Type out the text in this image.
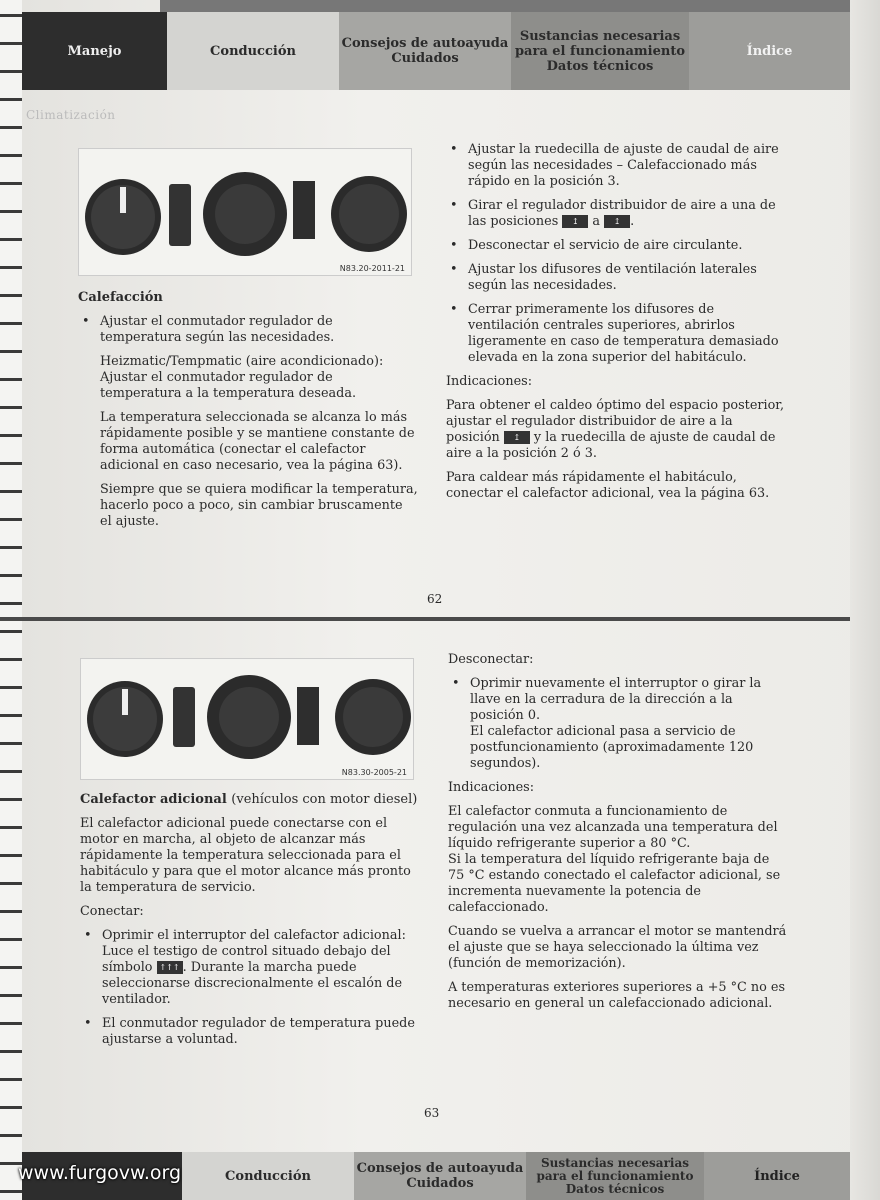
Manejo	Conducción	Consejos de autoayuda
Cuidados
Sustancias necesarias
para el funcionamiento
Datos técnicos
Índice
Climatización
N83.20-2011-21
Calefacción
• Ajustar el conmutador regulador de temperatura según las necesidades.
Heizmatic/Tempmatic (aire acondicionado): Ajustar el conmutador regulador de temperatura a la temperatura deseada.
La temperatura seleccionada se alcanza lo más rápidamente posible y se mantiene constante de forma automática (conectar el calefactor adicional en caso necesario, vea la página 63).
Siempre que se quiera modificar la temperatura, hacerlo poco a poco, sin cambiar bruscamente el ajuste.
• Ajustar la ruedecilla de ajuste de caudal de aire según las necesidades – Calefaccionado más rápido en la posición 3.
• Girar el regulador distribuidor de aire a una de las posiciones ↥ a ↥ .
• Desconectar el servicio de aire circulante.
• Ajustar los difusores de ventilación laterales según las necesidades.
• Cerrar primeramente los difusores de ventilación centrales superiores, abrirlos ligeramente en caso de temperatura demasiado elevada en la zona superior del habitáculo.

Indicaciones:

Para obtener el caldeo óptimo del espacio posterior, ajustar el regulador distribuidor de aire a la posición ↥ y la ruedecilla de ajuste de caudal de aire a la posición 2 ó 3.

Para caldear más rápidamente el habitáculo, conectar el calefactor adicional, vea la página 63.

62
N83.30-2005-21
Calefactor adicional (vehículos con motor diesel)

El calefactor adicional puede conectarse con el motor en marcha, al objeto de alcanzar más rápidamente la temperatura seleccionada para el habitáculo y para que el motor alcance más pronto la temperatura de servicio.

Conectar:

• Oprimir el interruptor del calefactor adicional: Luce el testigo de control situado debajo del símbolo ↑↑↑ . Durante la marcha puede seleccionarse discrecionalmente el escalón de ventilador.
• El conmutador regulador de temperatura puede ajustarse a voluntad.

Desconectar:

• Oprimir nuevamente el interruptor o girar la llave en la cerradura de la dirección a la posición 0.
El calefactor adicional pasa a servicio de postfuncionamiento (aproximadamente 120 segundos).

Indicaciones:

El calefactor conmuta a funcionamiento de regulación una vez alcanzada una temperatura del líquido refrigerante superior a 80 °C.

Si la temperatura del líquido refrigerante baja de 75 °C estando conectado el calefactor adicional, se incrementa nuevamente la potencia de calefaccionado.

Cuando se vuelva a arrancar el motor se mantendrá el ajuste que se haya seleccionado la última vez (función de memorización).

A temperaturas exteriores superiores a +5 °C no es necesario en general un calefaccionado adicional.

63
Conducción	Consejos de autoayuda
Cuidados
Sustancias necesarias
para el funcionamiento
Datos técnicos
Índice
www.furgovw.org
